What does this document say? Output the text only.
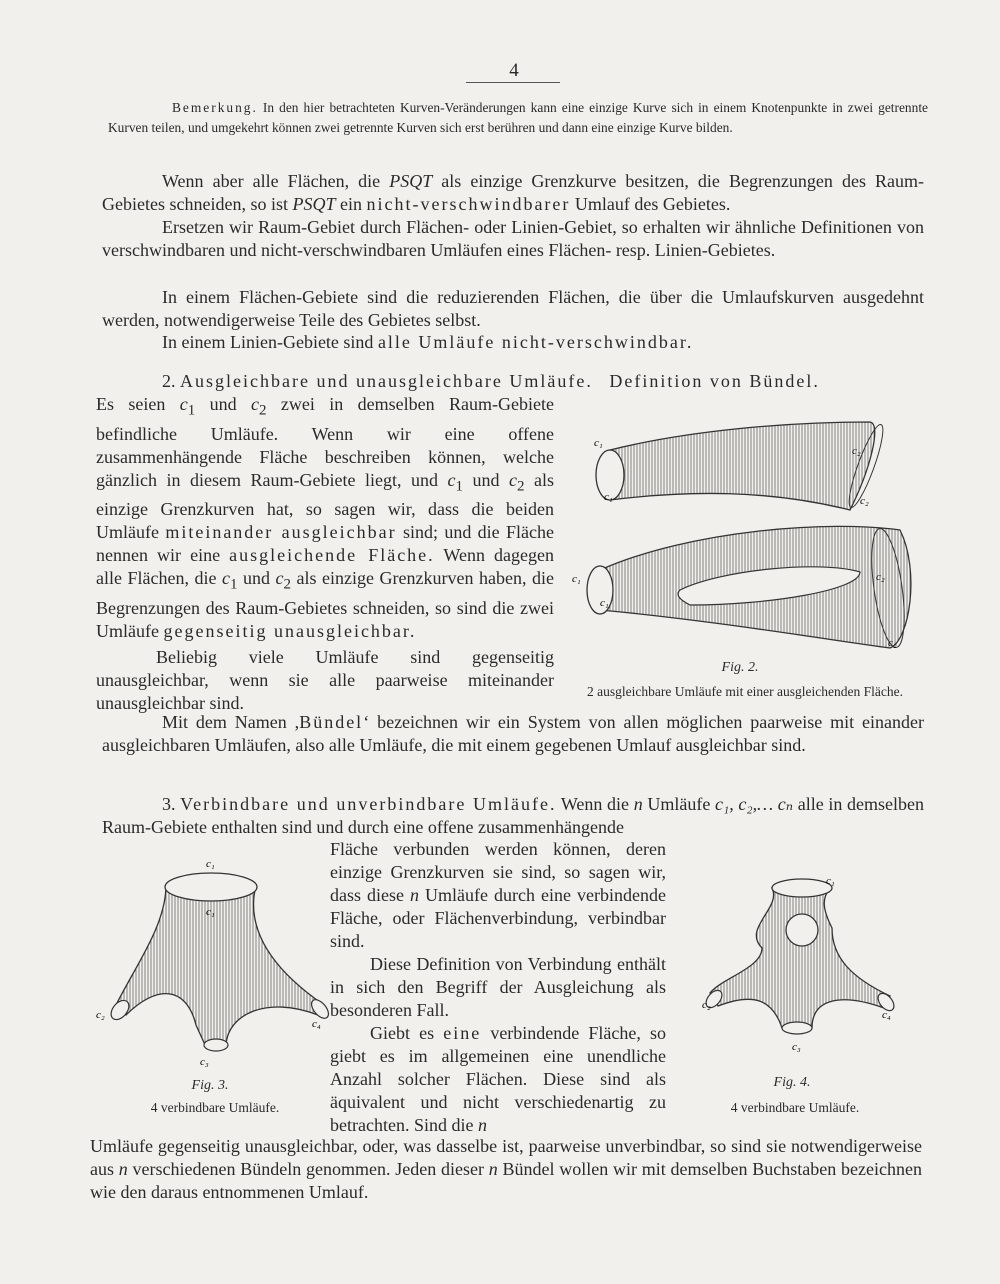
4
Bemerkung. In den hier betrachteten Kurven-Veränderungen kann eine einzige Kurve sich in einem Knotenpunkte in zwei getrennte Kurven teilen, und umgekehrt können zwei getrennte Kurven sich erst berühren und dann eine einzige Kurve bilden.
Wenn aber alle Flächen, die PSQT als einzige Grenzkurve besitzen, die Begrenzungen des Raum-Gebietes schneiden, so ist PSQT ein nicht-verschwindbarer Umlauf des Gebietes.
Ersetzen wir Raum-Gebiet durch Flächen- oder Linien-Gebiet, so erhalten wir ähnliche Definitionen von verschwindbaren und nicht-verschwindbaren Umläufen eines Flächen- resp. Linien-Gebietes.
In einem Flächen-Gebiete sind die reduzierenden Flächen, die über die Umlaufskurven ausgedehnt werden, notwendigerweise Teile des Gebietes selbst.
In einem Linien-Gebiete sind alle Umläufe nicht-verschwindbar.
2. Ausgleichbare und unausgleichbare Umläufe. Definition von Bündel.
Es seien $c_1$ und $c_2$ zwei in demselben Raum-Gebiete befindliche Umläufe. Wenn wir eine offene zusammenhängende Fläche beschreiben können, welche gänzlich in diesem Raum-Gebiete liegt, und $c_1$ und $c_2$ als einzige Grenzkurven hat, so sagen wir, dass die beiden Umläufe miteinander ausgleichbar sind; und die Fläche nennen wir eine ausgleichende Fläche. Wenn dagegen alle Flächen, die $c_1$ und $c_2$ als einzige Grenzkurven haben, die Begrenzungen des Raum-Gebietes schneiden, so sind die zwei Umläufe gegenseitig unausgleichbar.
Beliebig viele Umläufe sind gegenseitig unausgleichbar, wenn sie alle paarweise miteinander unausgleichbar sind.
c₁
c₁
c₂
c₂
c₁
c₁
c₂
c₂
Fig. 2.
2 ausgleichbare Umläufe mit einer ausgleichenden Fläche.
Mit dem Namen ,Bündel‘ bezeichnen wir ein System von allen möglichen paarweise mit einander ausgleichbaren Umläufen, also alle Umläufe, die mit einem gegebenen Umlauf ausgleichbar sind.
3. Verbindbare und unverbindbare Umläufe. Wenn die n Umläufe c₁, c₂,… cₙ alle in demselben Raum-Gebiete enthalten sind und durch eine offene zusammenhängende
Fläche verbunden werden können, deren einzige Grenzkurven sie sind, so sagen wir, dass diese n Umläufe durch eine verbindende Fläche, oder Flächenverbindung, verbindbar sind.
Diese Definition von Verbindung enthält in sich den Begriff der Ausgleichung als besonderen Fall.
Giebt es eine verbindende Fläche, so giebt es im allgemeinen eine unendliche Anzahl solcher Flächen. Diese sind als äquivalent und nicht verschiedenartig zu betrachten. Sind die n
c₁
c₁
c₂
c₃
c₄
Fig. 3.
4 verbindbare Umläufe.
c₁
c₂
c₃
c₄
Fig. 4.
4 verbindbare Umläufe.
Umläufe gegenseitig unausgleichbar, oder, was dasselbe ist, paarweise unverbindbar, so sind sie notwendigerweise aus n verschiedenen Bündeln genommen. Jeden dieser n Bündel wollen wir mit demselben Buchstaben bezeichnen wie den daraus entnommenen Umlauf.
